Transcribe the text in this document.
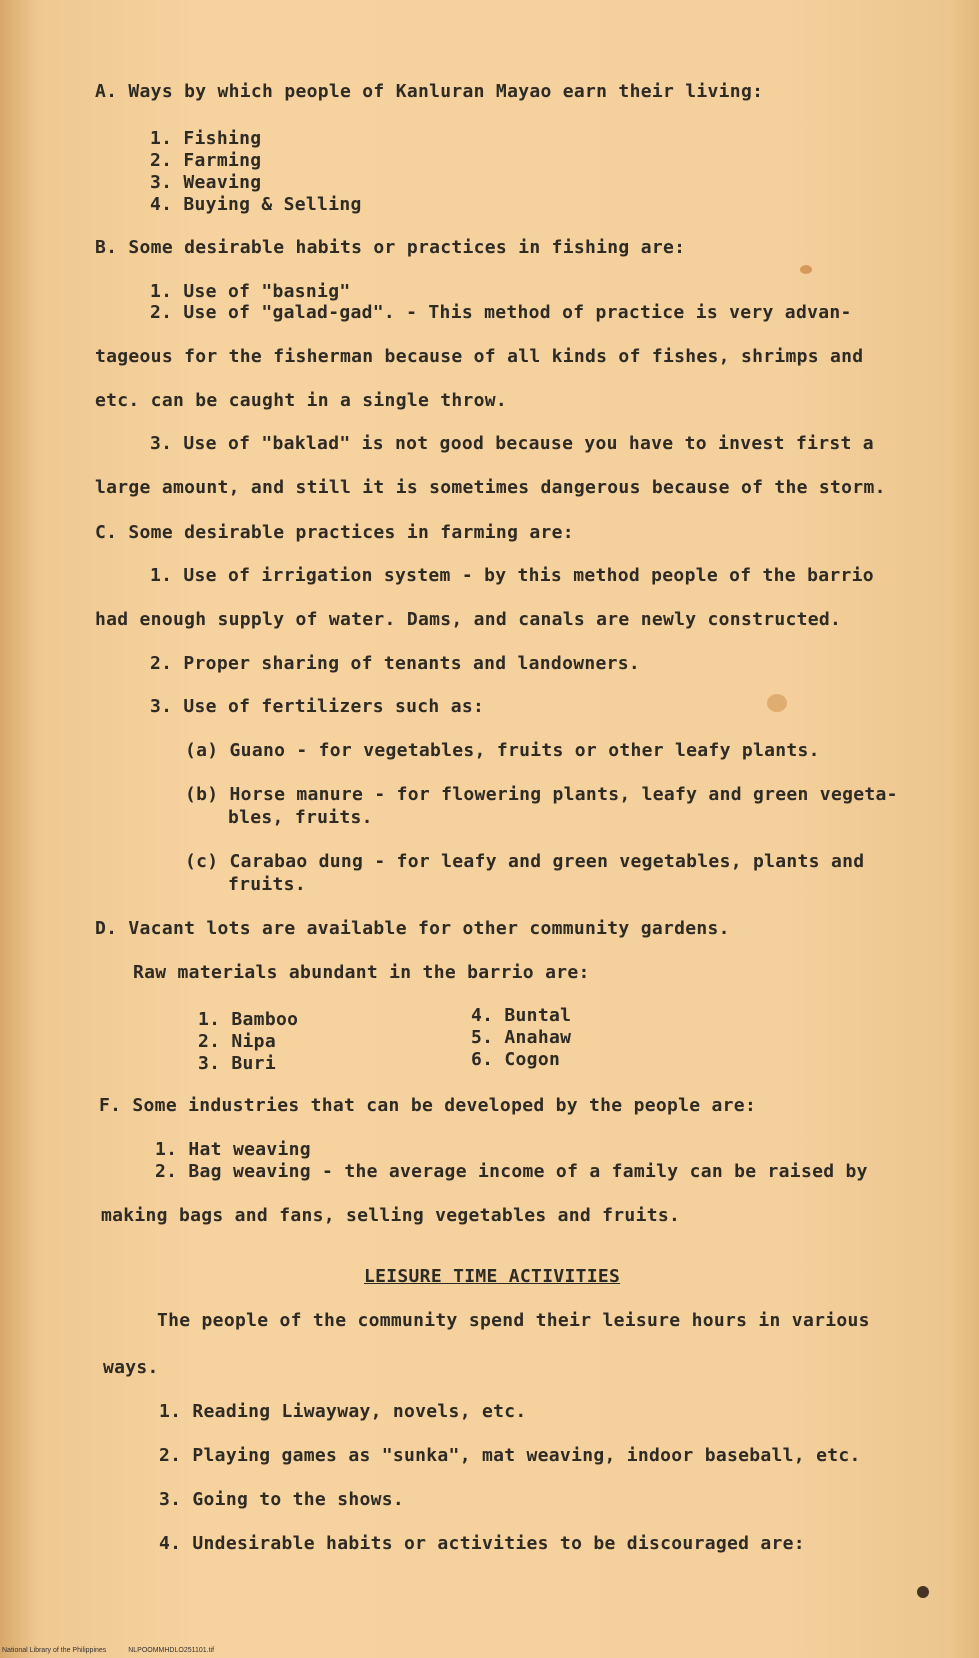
A. Ways by which people of Kanluran Mayao earn their living:
1. Fishing
2. Farming
3. Weaving
4. Buying & Selling
B. Some desirable habits or practices in fishing are:
1. Use of "basnig"
2. Use of "galad-gad". - This method of practice is very advan-
tageous for the fisherman because of all kinds of fishes, shrimps and
etc. can be caught in a single throw.
3. Use of "baklad" is not good because you have to invest first a
large amount, and still it is sometimes dangerous because of the storm.
C. Some desirable practices in farming are:
1. Use of irrigation system - by this method people of the barrio
had enough supply of water. Dams, and canals are newly constructed.
2. Proper sharing of tenants and landowners.
3. Use of fertilizers such as:
(a) Guano - for vegetables, fruits or other leafy plants.
(b) Horse manure - for flowering plants, leafy and green vegeta-
bles, fruits.
(c) Carabao dung - for leafy and green vegetables, plants and
fruits.
D. Vacant lots are available for other community gardens.
Raw materials abundant in the barrio are:
1. Bamboo
2. Nipa
3. Buri
4. Buntal
5. Anahaw
6. Cogon
F. Some industries that can be developed by the people are:
1. Hat weaving
2. Bag weaving - the average income of a family can be raised by
making bags and fans, selling vegetables and fruits.
LEISURE TIME ACTIVITIES
The people of the community spend their leisure hours in various
ways.
1. Reading Liwayway, novels, etc.
2. Playing games as "sunka", mat weaving, indoor baseball, etc.
3. Going to the shows.
4. Undesirable habits or activities to be discouraged are:
National Library of the Philippines	NLPOOMMHDLO251101.tif
